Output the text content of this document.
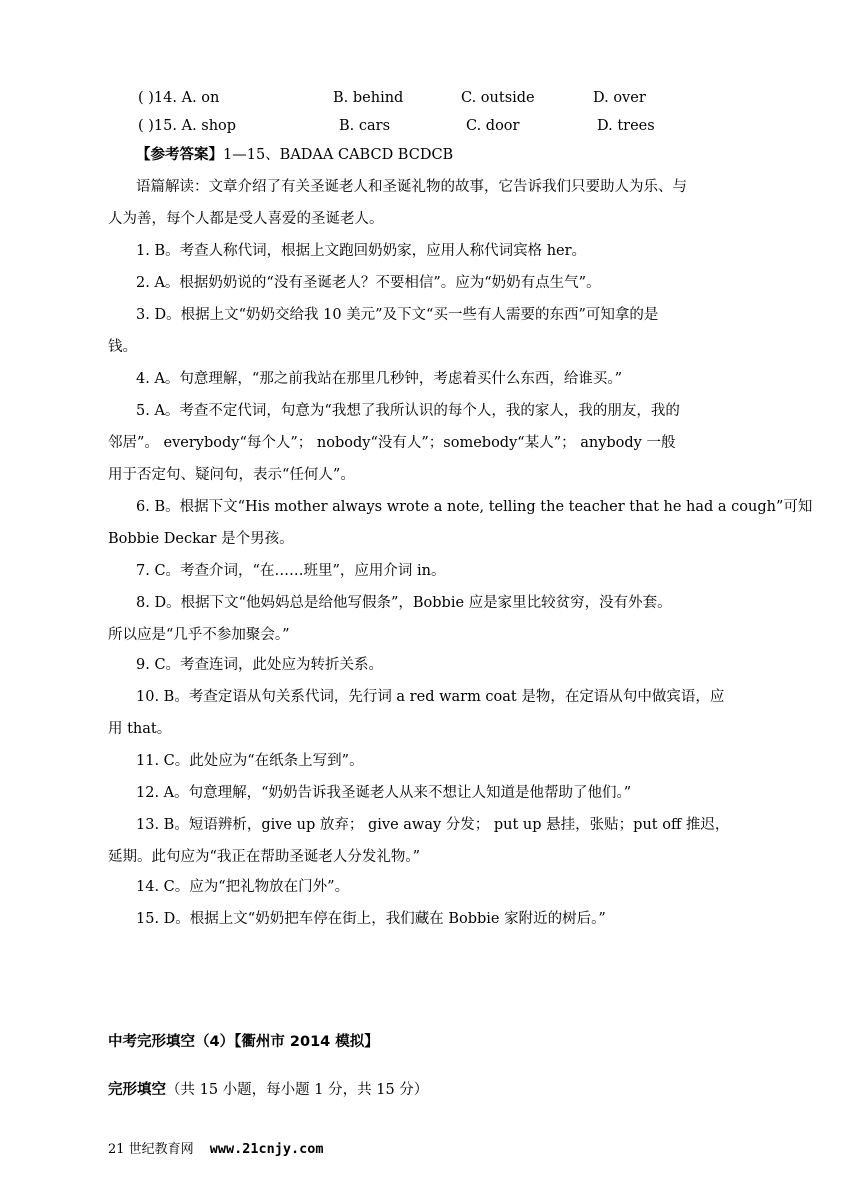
( )14. A. on	B. behind	C. outside	D. over
( )15. A. shop	B. cars	C. door	D. trees
【参考答案】1—15、BADAA CABCD BCDCB
语篇解读：文章介绍了有关圣诞老人和圣诞礼物的故事，它告诉我们只要助人为乐、与
人为善，每个人都是受人喜爱的圣诞老人。
1. B。考查人称代词，根据上文跑回奶奶家，应用人称代词宾格 her。
2. A。根据奶奶说的“没有圣诞老人？不要相信”。应为“奶奶有点生气”。
3. D。根据上文“奶奶交给我 10 美元”及下文“买一些有人需要的东西”可知拿的是
钱。
4. A。句意理解，“那之前我站在那里几秒钟，考虑着买什么东西，给谁买。”
5. A。考查不定代词，句意为“我想了我所认识的每个人，我的家人，我的朋友，我的
邻居”。 everybody“每个人”； nobody“没有人”；somebody“某人”； anybody 一般
用于否定句、疑问句，表示“任何人”。
6. B。根据下文“His mother always wrote a note, telling the teacher that he had a cough”可知
Bobbie Deckar 是个男孩。
7. C。考查介词，“在……班里”，应用介词 in。
8. D。根据下文“他妈妈总是给他写假条”，Bobbie 应是家里比较贫穷，没有外套。
所以应是“几乎不参加聚会。”
9. C。考查连词，此处应为转折关系。
10. B。考查定语从句关系代词，先行词 a red warm coat 是物，在定语从句中做宾语，应
用 that。
11. C。此处应为“在纸条上写到”。
12. A。句意理解，“奶奶告诉我圣诞老人从来不想让人知道是他帮助了他们。”
13. B。短语辨析，give up 放弃； give away 分发； put up 悬挂，张贴；put off 推迟，
延期。此句应为“我正在帮助圣诞老人分发礼物。”
14. C。应为“把礼物放在门外”。
15. D。根据上文“奶奶把车停在街上，我们藏在 Bobbie 家附近的树后。”
中考完形填空（4）【衢州市 2014 模拟】
完形填空（共 15 小题，每小题 1 分，共 15 分）
21 世纪教育网 www.21cnjy.com
